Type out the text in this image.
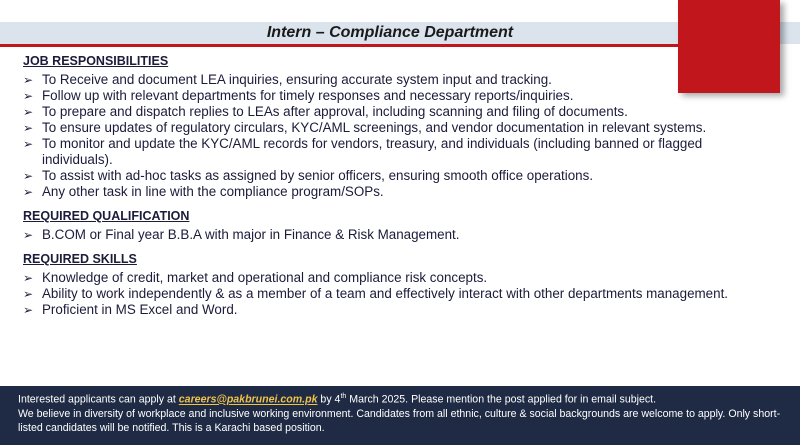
Intern – Compliance Department
JOB RESPONSIBILITIES
➢ To Receive and document LEA inquiries, ensuring accurate system input and tracking.
➢ Follow up with relevant departments for timely responses and necessary reports/inquiries.
➢ To prepare and dispatch replies to LEAs after approval, including scanning and filing of documents.
➢ To ensure updates of regulatory circulars, KYC/AML screenings, and vendor documentation in relevant systems.
➢ To monitor and update the KYC/AML records for vendors, treasury, and individuals (including banned or flagged individuals).
➢ To assist with ad-hoc tasks as assigned by senior officers, ensuring smooth office operations.
➢ Any other task in line with the compliance program/SOPs.
REQUIRED QUALIFICATION
➢ B.COM or Final year B.B.A with major in Finance & Risk Management.
REQUIRED SKILLS
➢ Knowledge of credit, market and operational and compliance risk concepts.
➢ Ability to work independently & as a member of a team and effectively interact with other departments management.
➢ Proficient in MS Excel and Word.

Interested applicants can apply at careers@pakbrunei.com.pk by 4th March 2025. Please mention the post applied for in email subject.

We believe in diversity of workplace and inclusive working environment. Candidates from all ethnic, culture & social backgrounds are welcome to apply. Only short-listed candidates will be notified. This is a Karachi based position.
